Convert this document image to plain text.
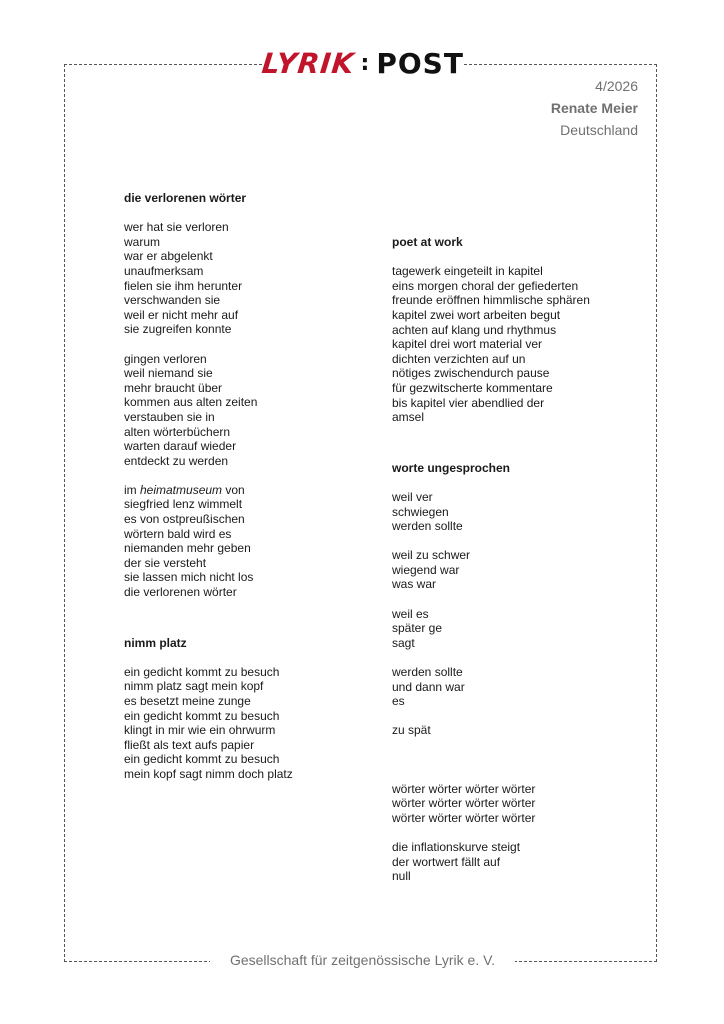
LYRIK : POST
4/2026
Renate Meier
Deutschland
die verlorenen wörter
wer hat sie verloren
warum
war er abgelenkt
unaufmerksam
fielen sie ihm herunter
verschwanden sie
weil er nicht mehr auf
sie zugreifen konnte
gingen verloren
weil niemand sie
mehr braucht über
kommen aus alten zeiten
verstauben sie in
alten wörterbüchern
warten darauf wieder
entdeckt zu werden
im heimatmuseum von
siegfried lenz wimmelt
es von ostpreußischen
wörtern bald wird es
niemanden mehr geben
der sie versteht
sie lassen mich nicht los
die verlorenen wörter
nimm platz
ein gedicht kommt zu besuch
nimm platz sagt mein kopf
es besetzt meine zunge
ein gedicht kommt zu besuch
klingt in mir wie ein ohrwurm
fließt als text aufs papier
ein gedicht kommt zu besuch
mein kopf sagt nimm doch platz
poet at work
tagewerk eingeteilt in kapitel
eins morgen choral der gefiederten
freunde eröffnen himmlische sphären
kapitel zwei wort arbeiten begut
achten auf klang und rhythmus
kapitel drei wort material ver
dichten verzichten auf un
nötiges zwischendurch pause
für gezwitscherte kommentare
bis kapitel vier abendlied der
amsel
worte ungesprochen
weil ver
schwiegen
werden sollte
weil zu schwer
wiegend war
was war
weil es
später ge
sagt
werden sollte
und dann war
es
zu spät
wörter wörter wörter wörter
wörter wörter wörter wörter
wörter wörter wörter wörter
die inflationskurve steigt
der wortwert fällt auf
null
Gesellschaft für zeitgenössische Lyrik e. V.
